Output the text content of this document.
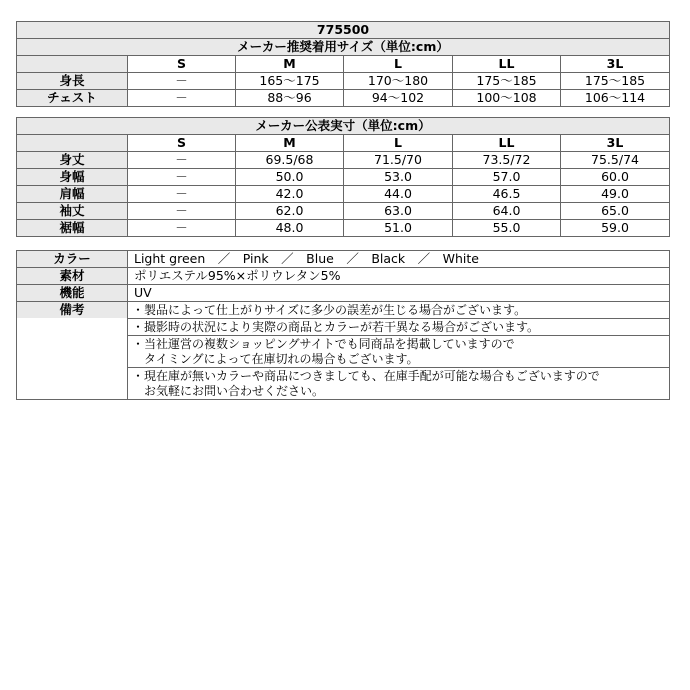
775500					
メーカー推奨着用サイズ（単位:cm）					
	S	M	L	LL	3L
身長	－	165～175	170～180	175～185	175～185
チェスト	－	88～96	94～102	100～108	106～114
メーカー公表実寸（単位:cm）					
	S	M	L	LL	3L
身丈	－	69.5/68	71.5/70	73.5/72	75.5/74
身幅	－	50.0	53.0	57.0	60.0
肩幅	－	42.0	44.0	46.5	49.0
袖丈	－	62.0	63.0	64.0	65.0
裾幅	－	48.0	51.0	55.0	59.0
カラー	Light green　／　Pink　／　Blue　／　Black　／　White
素材	ポリエステル95%×ポリウレタン5%
機能	UV

備考	・製品によって仕上がりサイズに多少の誤差が生じる場合がございます。
	・撮影時の状況により実際の商品とカラーが若干異なる場合がございます。

	・当社運営の複数ショッピングサイトでも同商品を掲載していますので
　タイミングによって在庫切れの場合もございます。

	・現在庫が無いカラーや商品につきましても、在庫手配が可能な場合もございますので
　お気軽にお問い合わせください。
